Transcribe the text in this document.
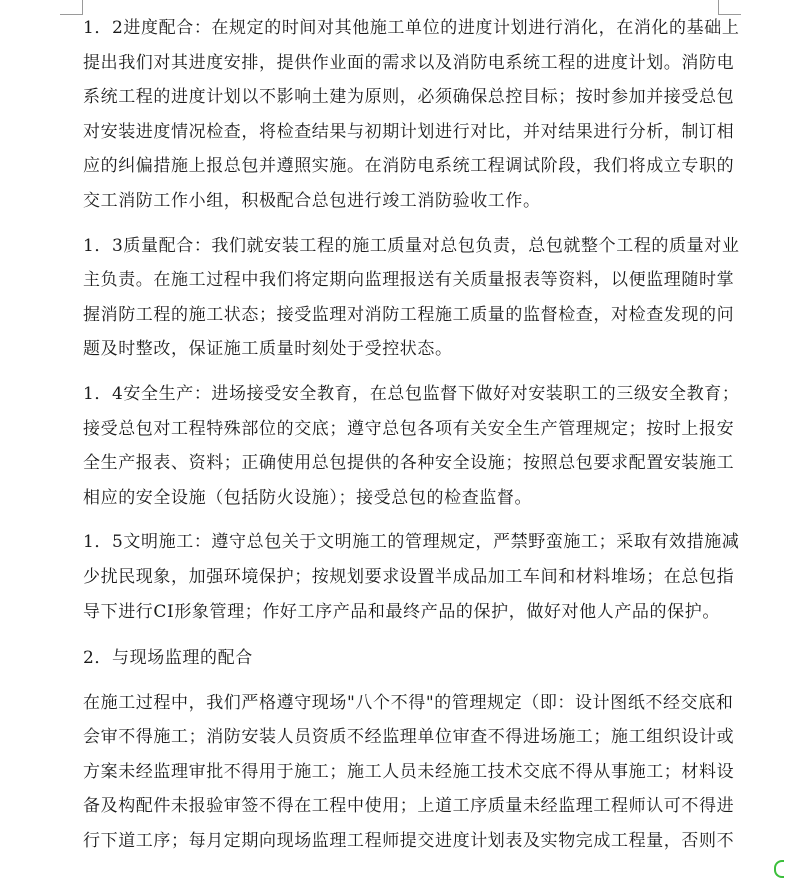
1．2进度配合：在规定的时间对其他施工单位的进度计划进行消化，在消化的基础上
提出我们对其进度安排，提供作业面的需求以及消防电系统工程的进度计划。消防电
系统工程的进度计划以不影响土建为原则，必须确保总控目标；按时参加并接受总包
对安装进度情况检查，将检查结果与初期计划进行对比，并对结果进行分析，制订相
应的纠偏措施上报总包并遵照实施。在消防电系统工程调试阶段，我们将成立专职的
交工消防工作小组，积极配合总包进行竣工消防验收工作。

1．3质量配合：我们就安装工程的施工质量对总包负责，总包就整个工程的质量对业
主负责。在施工过程中我们将定期向监理报送有关质量报表等资料，以便监理随时掌
握消防工程的施工状态；接受监理对消防工程施工质量的监督检查，对检查发现的问
题及时整改，保证施工质量时刻处于受控状态。

1．4安全生产：进场接受安全教育，在总包监督下做好对安装职工的三级安全教育；
接受总包对工程特殊部位的交底；遵守总包各项有关安全生产管理规定；按时上报安
全生产报表、资料；正确使用总包提供的各种安全设施；按照总包要求配置安装施工
相应的安全设施（包括防火设施）；接受总包的检查监督。

1．5文明施工：遵守总包关于文明施工的管理规定，严禁野蛮施工；采取有效措施减
少扰民现象，加强环境保护；按规划要求设置半成品加工车间和材料堆场；在总包指
导下进行CI形象管理；作好工序产品和最终产品的保护，做好对他人产品的保护。

2．与现场监理的配合

在施工过程中，我们严格遵守现场"八个不得"的管理规定（即：设计图纸不经交底和
会审不得施工；消防安装人员资质不经监理单位审查不得进场施工；施工组织设计或
方案未经监理审批不得用于施工；施工人员未经施工技术交底不得从事施工；材料设
备及构配件未报验审签不得在工程中使用；上道工序质量未经监理工程师认可不得进
行下道工序；每月定期向现场监理工程师提交进度计划表及实物完成工程量，否则不
